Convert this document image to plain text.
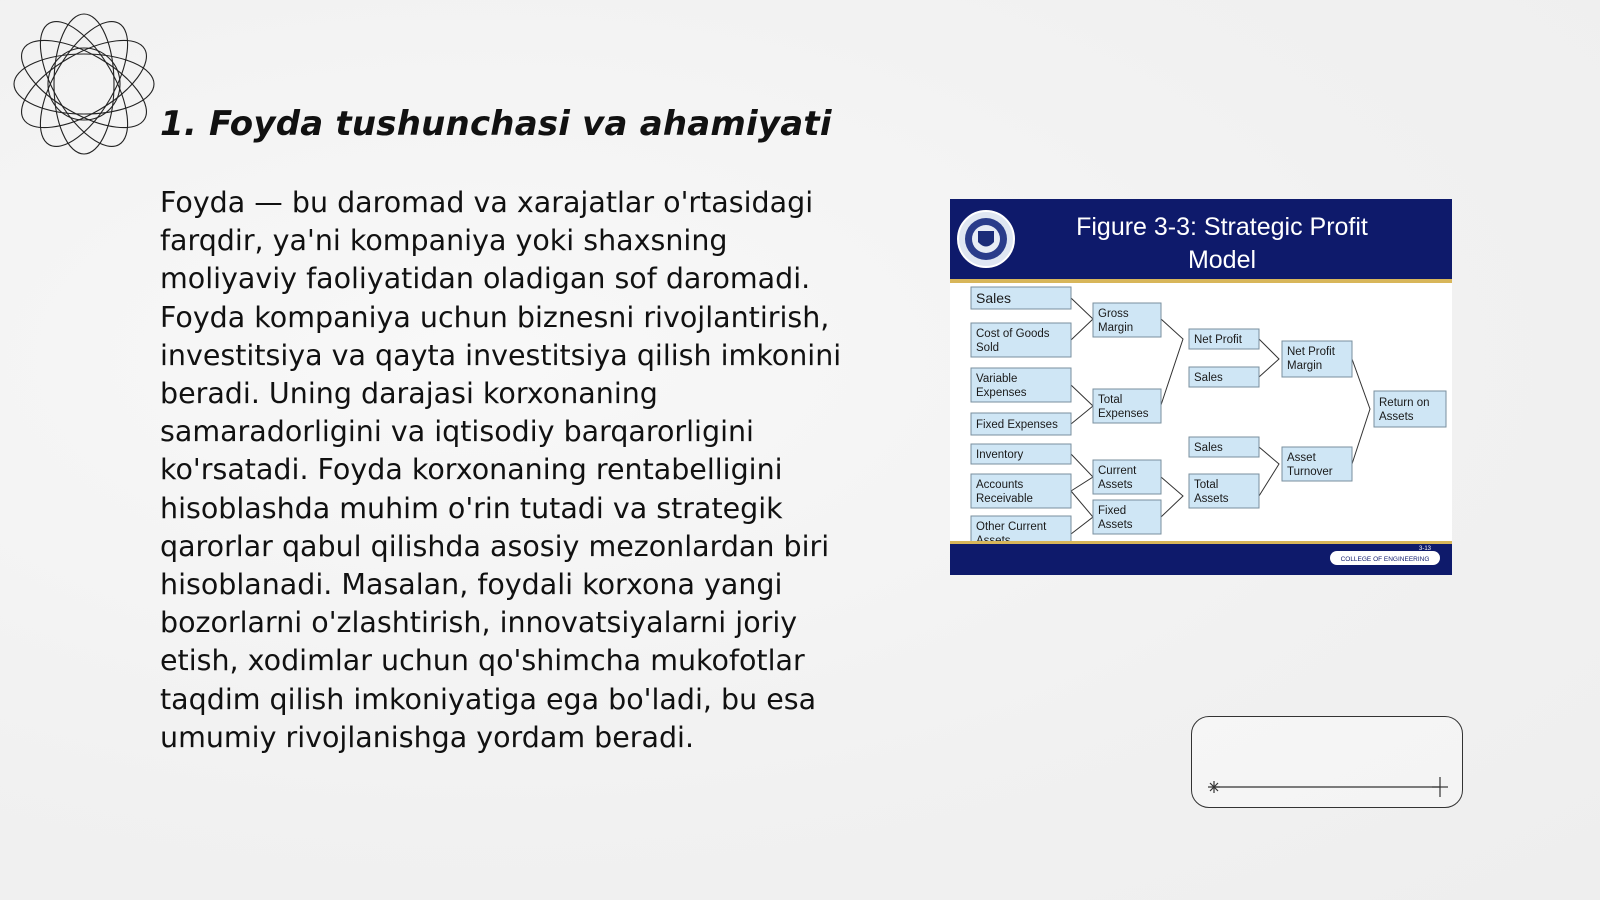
1. Foyda tushunchasi va ahamiyati

Foyda — bu daromad va xarajatlar o'rtasidagi farqdir, ya'ni kompaniya yoki shaxsning moliyaviy faoliyatidan oladigan sof daromadi. Foyda kompaniya uchun biznesni rivojlantirish, investitsiya va qayta investitsiya qilish imkonini beradi. Uning darajasi korxonaning samaradorligini va iqtisodiy barqarorligini ko'rsatadi. Foyda korxonaning rentabelligini hisoblashda muhim o'rin tutadi va strategik qarorlar qabul qilishda asosiy mezonlardan biri hisoblanadi. Masalan, foydali korxona yangi bozorlarni o'zlashtirish, innovatsiyalarni joriy etish, xodimlar uchun qo'shimcha mukofotlar taqdim qilish imkoniyatiga ega bo'ladi, bu esa umumiy rivojlanishga yordam beradi.

Figure 3-3: Strategic Profit
Model
Sales
Cost of Goods
Sold
Variable
Expenses
Fixed Expenses
Inventory
Accounts
Receivable
Other Current
Gross
Margin
Total
Expenses
Current
Assets
Fixed
Assets
Net Profit
Sales
Sales
Total
Assets
Net Profit
Margin
Asset
Turnover
Return on
Assets
COLLEGE OF ENGINEERING
3-13
